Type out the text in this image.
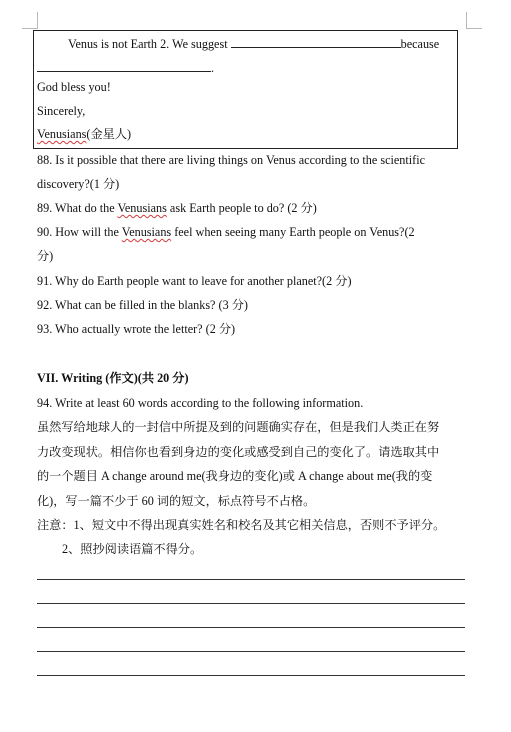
Venus is not Earth 2. We suggest	because
.
God bless you!
Sincerely,
Venusians(金星人)
88. Is it possible that there are living things on Venus according to the scientific
discovery?(1 分)
89. What do the Venusians ask Earth people to do? (2 分)
90. How will the Venusians feel when seeing many Earth people on Venus?(2
分)
91. Why do Earth people want to leave for another planet?(2 分)
92. What can be filled in the blanks? (3 分)
93. Who actually wrote the letter? (2 分)
VII. Writing (作文)(共 20 分)
94. Write at least 60 words according to the following information.
虽然写给地球人的一封信中所提及到的问题确实存在，但是我们人类正在努
力改变现状。相信你也看到身边的变化或感受到自己的变化了。请选取其中
的一个题目 A change around me(我身边的变化)或 A change about me(我的变
化)，写一篇不少于 60 词的短文，标点符号不占格。
注意：1、短文中不得出现真实姓名和校名及其它相关信息，否则不予评分。
2、照抄阅读语篇不得分。
